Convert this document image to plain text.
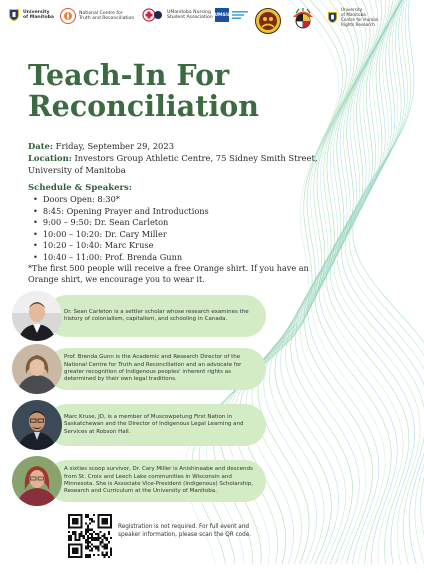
University
of Manitoba
National Centre for
Truth and Reconciliation
UManitoba Nursing
Student Association UMSU
University
of Manitoba
Centre for Human
Rights Research
Teach-In For Reconciliation
Date: Friday, September 29, 2023
Location: Investors Group Athletic Centre, 75 Sidney Smith Street, University of Manitoba
Schedule & Speakers:
• Doors Open: 8:30*
• 8:45: Opening Prayer and Introductions
• 9:00 – 9:50: Dr. Sean Carleton
• 10:00 – 10:20: Dr. Cary Miller
• 10:20 – 10:40: Marc Kruse
• 10:40 – 11:00: Prof. Brenda Gunn
*The first 500 people will receive a free Orange shirt. If you have an Orange shirt, we encourage you to wear it.
Dr. Sean Carleton is a settler scholar whose research examines the history of colonialism, capitalism, and schooling in Canada.
Prof. Brenda Gunn is the Academic and Research Director of the National Centre for Truth and Reconciliation and an advocate for greater recognition of Indigenous peoples' inherent rights as determined by their own legal traditions.
Marc Kruse, JD, is a member of Muscowpetung First Nation in Saskatchewan and the Director of Indigenous Legal Learning and Services at Robson Hall.
A sixties scoop survivor, Dr. Cary Miller is Anishinaabe and descends from St. Croix and Leech Lake communities in Wisconsin and Minnesota. She is Associate Vice-President (Indigenous) Scholarship, Research and Curriculum at the University of Manitoba.
Registration is not required. For full event and speaker information, please scan the QR code.
